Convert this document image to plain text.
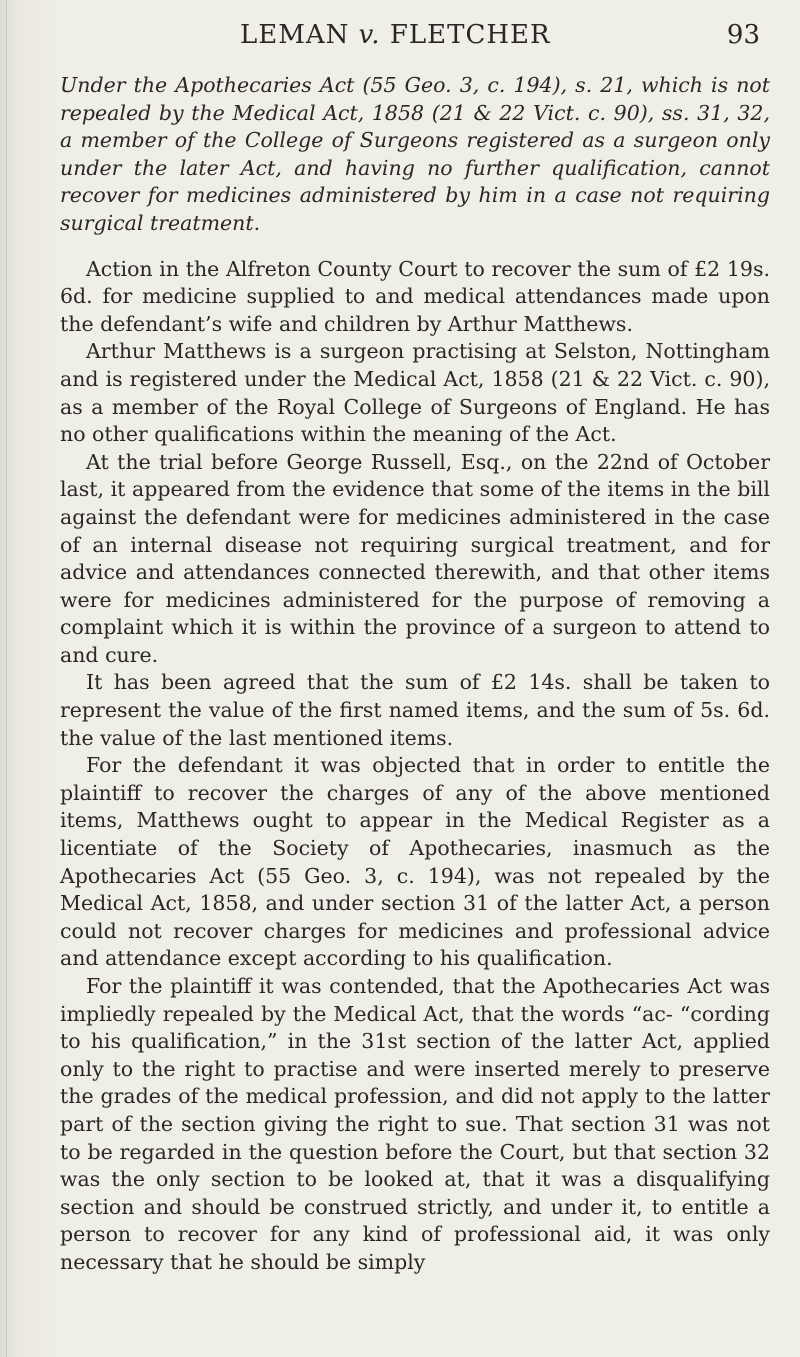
LEMAN v. FLETCHER	93

Under the Apothecaries Act (55 Geo. 3, c. 194), s. 21, which is not repealed by the Medical Act, 1858 (21 & 22 Vict. c. 90), ss. 31, 32, a member of the College of Surgeons registered as a surgeon only under the later Act, and having no further qualification, cannot recover for medicines administered by him in a case not requiring surgical treatment.

Action in the Alfreton County Court to recover the sum of £2 19s. 6d. for medicine supplied to and medical attendances made upon the defendant’s wife and children by Arthur Matthews.

Arthur Matthews is a surgeon practising at Selston, Nottingham and is registered under the Medical Act, 1858 (21 & 22 Vict. c. 90), as a member of the Royal College of Surgeons of England. He has no other qualifications within the meaning of the Act.

At the trial before George Russell, Esq., on the 22nd of October last, it appeared from the evidence that some of the items in the bill against the defendant were for medicines administered in the case of an internal disease not requiring surgical treatment, and for advice and attendances connected therewith, and that other items were for medicines administered for the purpose of removing a complaint which it is within the province of a surgeon to attend to and cure.

It has been agreed that the sum of £2 14s. shall be taken to represent the value of the first named items, and the sum of 5s. 6d. the value of the last mentioned items.

For the defendant it was objected that in order to entitle the plaintiff to recover the charges of any of the above mentioned items, Matthews ought to appear in the Medical Register as a licentiate of the Society of Apothecaries, inasmuch as the Apothecaries Act (55 Geo. 3, c. 194), was not repealed by the Medical Act, 1858, and under section 31 of the latter Act, a person could not recover charges for medicines and professional advice and attendance except according to his qualification.

For the plaintiff it was contended, that the Apothecaries Act was impliedly repealed by the Medical Act, that the words “ac- “cording to his qualification,” in the 31st section of the latter Act, applied only to the right to practise and were inserted merely to preserve the grades of the medical profession, and did not apply to the latter part of the section giving the right to sue. That section 31 was not to be regarded in the question before the Court, but that section 32 was the only section to be looked at, that it was a disqualifying section and should be construed strictly, and under it, to entitle a person to recover for any kind of professional aid, it was only necessary that he should be simply
